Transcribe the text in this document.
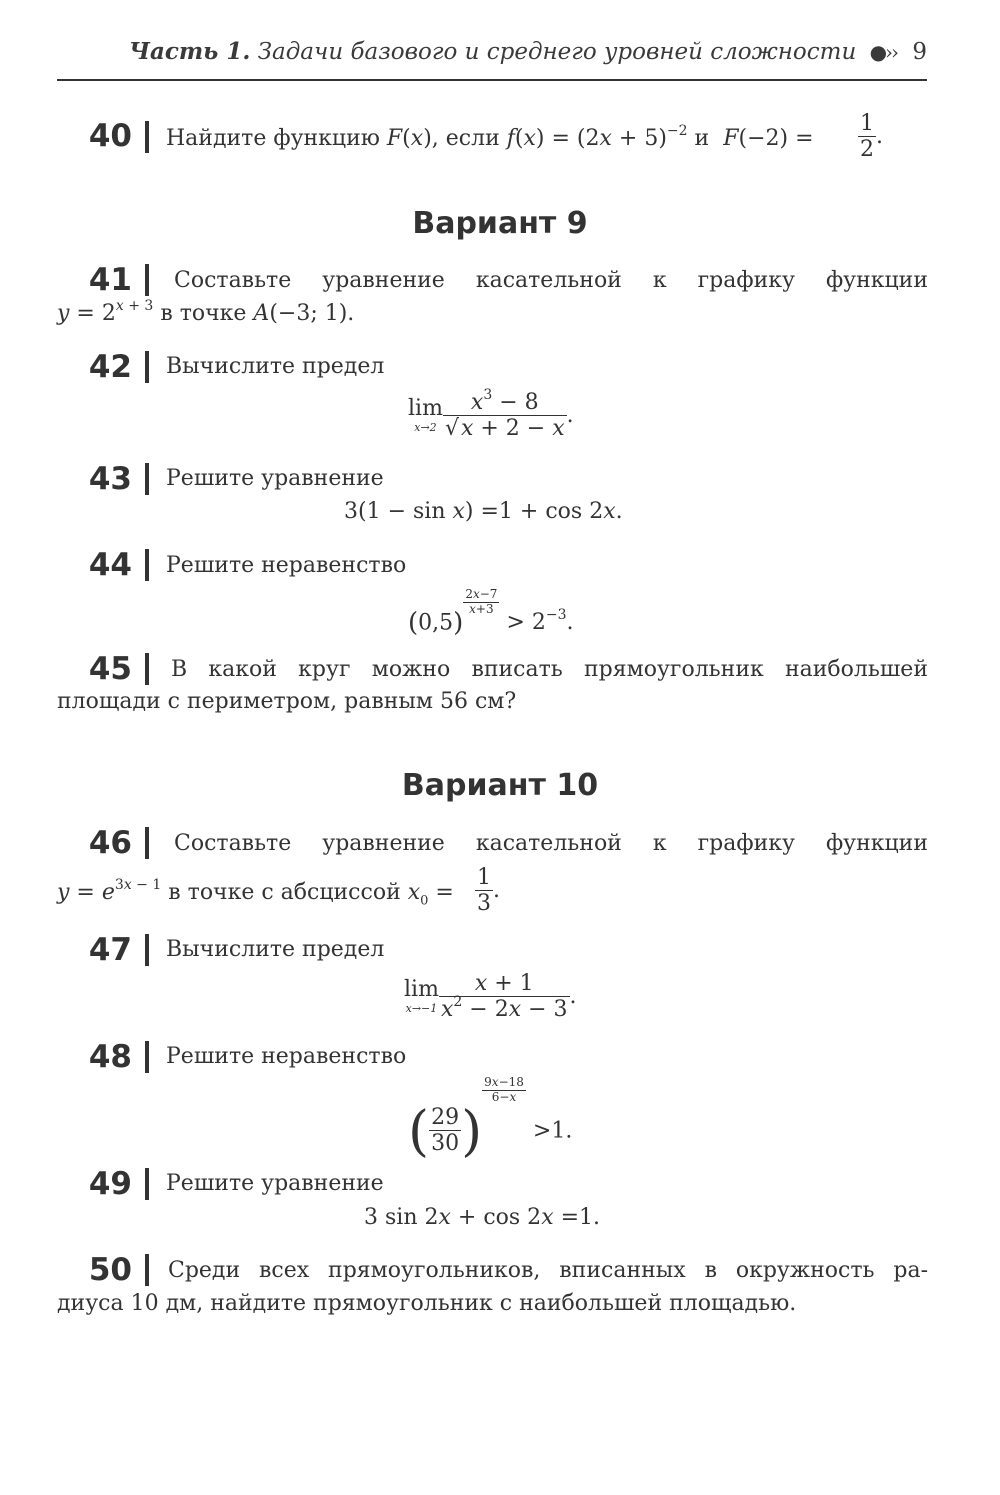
Часть 1. Задачи базового и среднего уровней сложности ●›› 9
40 Найдите функцию F(x), если $f(x) = (2x + 5)^{-2}$ и  $F(-2) = \frac{1}{2}$ .
Вариант 9
41 Составьте уравнение касательной к графику функции
$y = 2^{x + 3}$ в точке A(−3; 1).
42 Вычислите предел
lim
$x\to 2 \frac{x^3 - 8}{√x + 2 - x}$ .
43 Решите уравнение
3(1 − sin x) =1 + cos 2x.
44 Решите неравенство
(0,5)
$\frac{2x-7}{x+3}$
> $2^{-3}$.
45 В какой круг можно вписать прямоугольник наибольшей
площади с периметром, равным 56 см?
Вариант 10
46 Составьте уравнение касательной к графику функции
$y = e^{3x - 1}$ в точке с абсциссой $x_0 = \frac{1}{3}$ .
47 Вычислите предел
lim
$x\to-1 \frac{x + 1}{x^2 - 2x - 3}$ .
48 Решите неравенство
( $\frac{29}{30}$ )
$\frac{9x-18}{6-x}$
>1.
49 Решите уравнение
3 sin 2x + cos 2x =1.
50 Среди всех прямоугольников, вписанных в окружность ра-
диуса 10 дм, найдите прямоугольник с наибольшей площадью.
